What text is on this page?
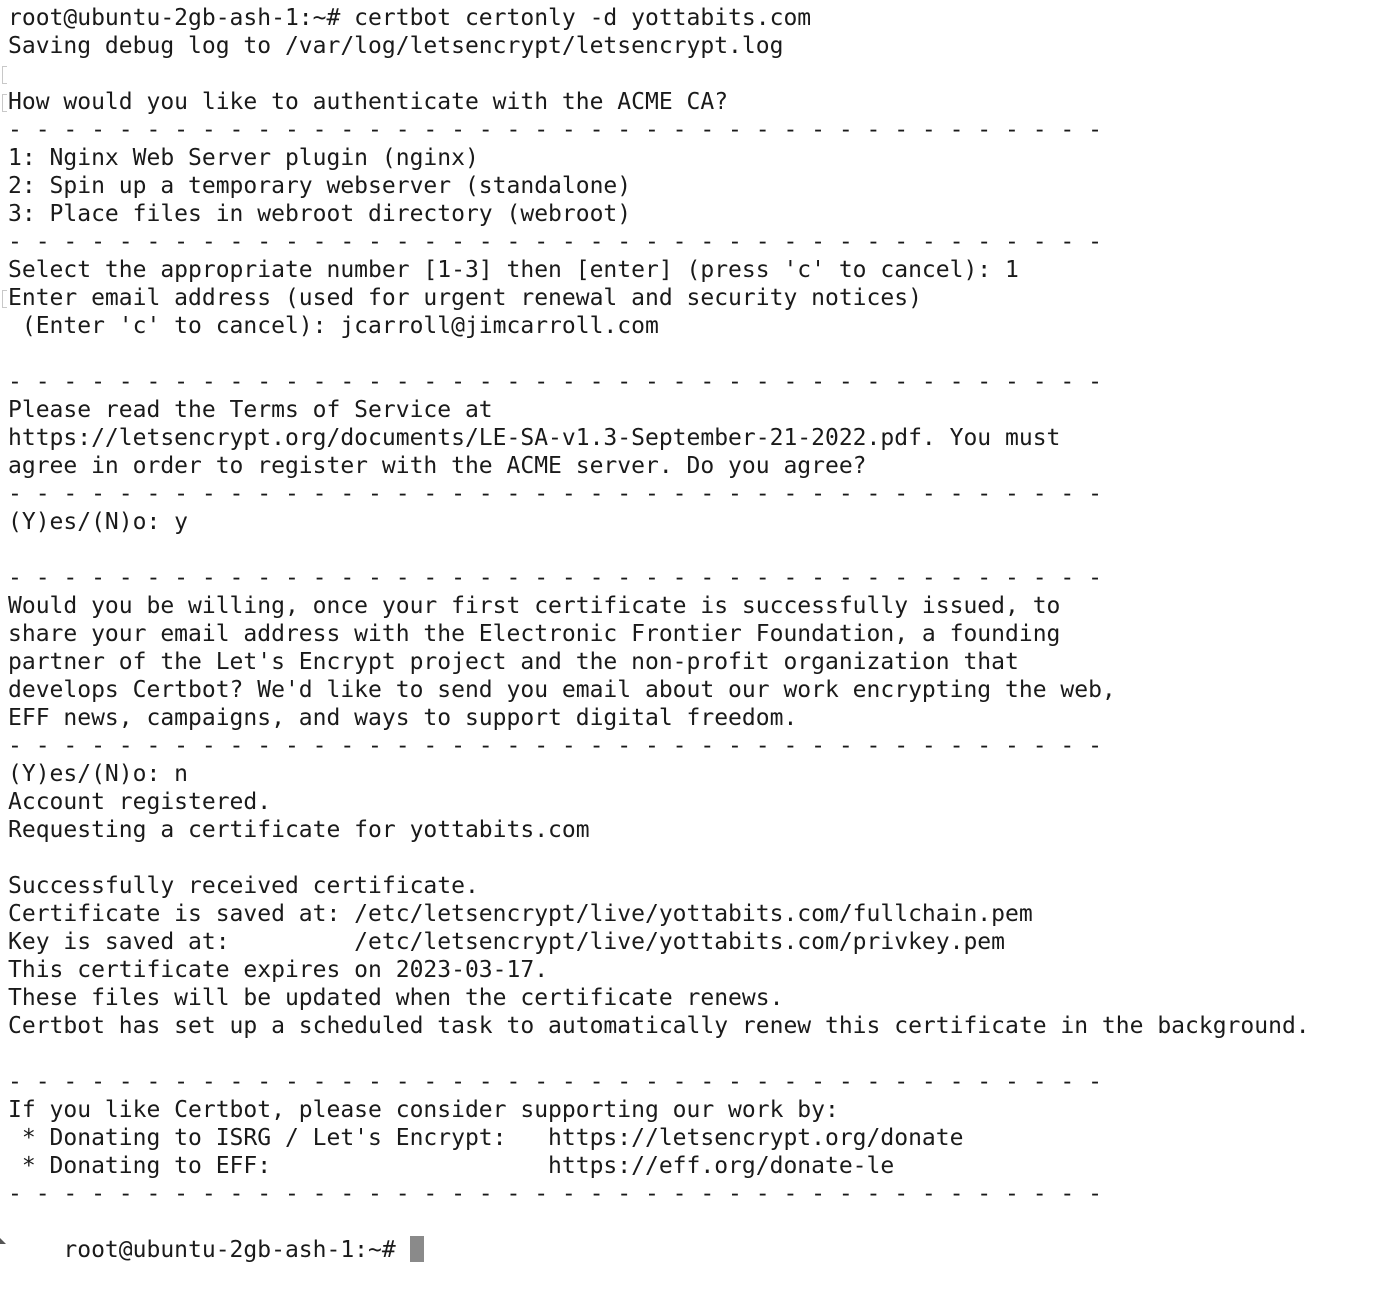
root@ubuntu-2gb-ash-1:~# certbot certonly -d yottabits.com
Saving debug log to /var/log/letsencrypt/letsencrypt.log
How would you like to authenticate with the ACME CA?
- - - - - - - - - - - - - - - - - - - - - - - - - - - - - - - - - - - - - - - -
1: Nginx Web Server plugin (nginx)
2: Spin up a temporary webserver (standalone)
3: Place files in webroot directory (webroot)
- - - - - - - - - - - - - - - - - - - - - - - - - - - - - - - - - - - - - - - -
Select the appropriate number [1-3] then [enter] (press 'c' to cancel): 1
Enter email address (used for urgent renewal and security notices)
(Enter 'c' to cancel): jcarroll@jimcarroll.com
- - - - - - - - - - - - - - - - - - - - - - - - - - - - - - - - - - - - - - - -
Please read the Terms of Service at
https://letsencrypt.org/documents/LE-SA-v1.3-September-21-2022.pdf. You must
agree in order to register with the ACME server. Do you agree?
- - - - - - - - - - - - - - - - - - - - - - - - - - - - - - - - - - - - - - - -
(Y)es/(N)o: y
- - - - - - - - - - - - - - - - - - - - - - - - - - - - - - - - - - - - - - - -
Would you be willing, once your first certificate is successfully issued, to
share your email address with the Electronic Frontier Foundation, a founding
partner of the Let's Encrypt project and the non-profit organization that
develops Certbot? We'd like to send you email about our work encrypting the web,
EFF news, campaigns, and ways to support digital freedom.
- - - - - - - - - - - - - - - - - - - - - - - - - - - - - - - - - - - - - - - -
(Y)es/(N)o: n
Account registered.
Requesting a certificate for yottabits.com
Successfully received certificate.
Certificate is saved at: /etc/letsencrypt/live/yottabits.com/fullchain.pem
Key is saved at:         /etc/letsencrypt/live/yottabits.com/privkey.pem
This certificate expires on 2023-03-17.
These files will be updated when the certificate renews.
Certbot has set up a scheduled task to automatically renew this certificate in the background.
- - - - - - - - - - - - - - - - - - - - - - - - - - - - - - - - - - - - - - - -
If you like Certbot, please consider supporting our work by:
* Donating to ISRG / Let's Encrypt:   https://letsencrypt.org/donate
* Donating to EFF:                    https://eff.org/donate-le
- - - - - - - - - - - - - - - - - - - - - - - - - - - - - - - - - - - - - - - -

root@ubuntu-2gb-ash-1:~#
